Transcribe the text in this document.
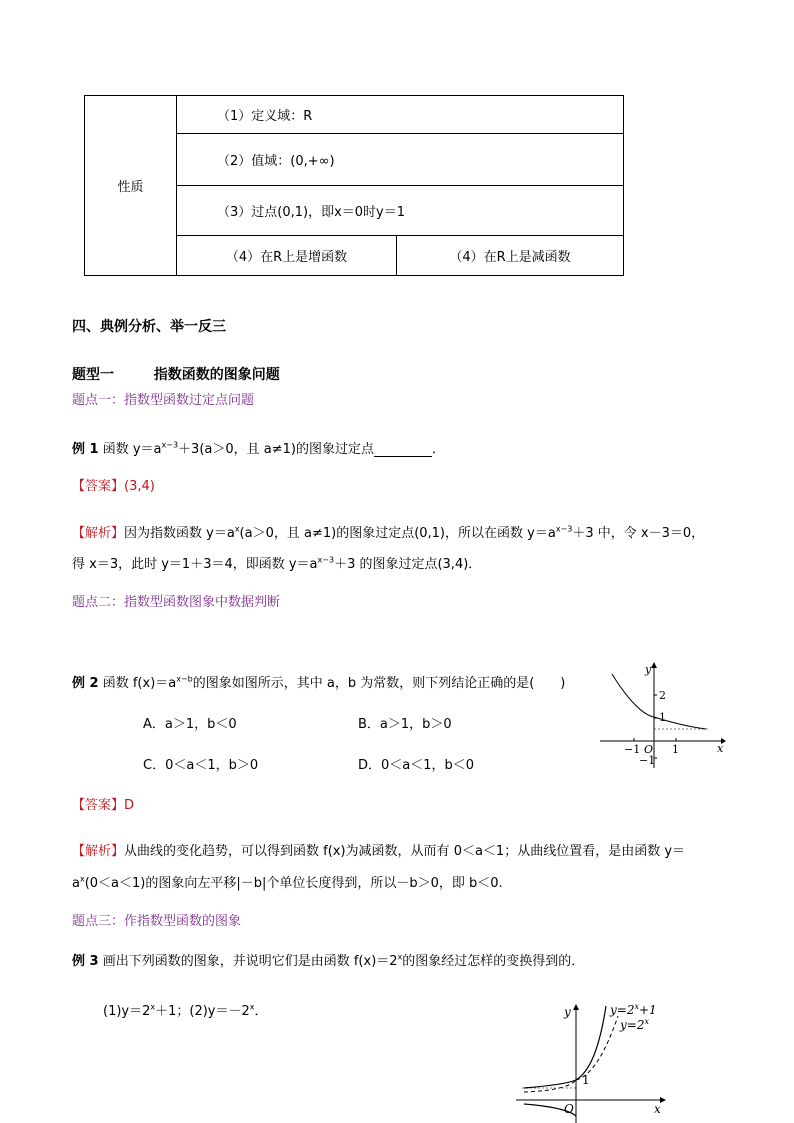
性质	（1）定义域：R	
	（2）值域：(0,+∞)	
	（3）过点(0,1)，即x＝0时y＝1	
	（4）在R上是增函数	（4）在R上是减函数
四、典例分析、举一反三
题型一	指数函数的图象问题
题点一：指数型函数过定点问题
例 1 函数 $y=a^{x-3}+3(a>0$，且 a≠1)的图象过定点	．
【答案】(3,4)
【解析】因为指数函数 $y=a^x(a>0$，且 a≠1)的图象过定点(0,1)，所以在函数 $y=a^{x-3}+3$ 中，令 x－3＝0，
得 x＝3，此时 y＝1＋3＝4，即函数 $y=a^{x-3}+3$ 的图象过定点(3,4)．
题点二：指数型函数图象中数据判断
例 2 函数 $f(x)=a^{x-b}$的图象如图所示，其中 a，b 为常数，则下列结论正确的是(　　)
A．a＞1，b＜0	B．a＞1，b＞0
C．0＜a＜1，b＞0	D．0＜a＜1，b＜0
y
x
2
1
−1 O 1
−1
【答案】D
【解析】从曲线的变化趋势，可以得到函数 f(x)为减函数，从而有 0＜a＜1；从曲线位置看，是由函数 y＝
$a^x(0<a<1)$的图象向左平移|－b|个单位长度得到，所以－b＞0，即 b＜0.
题点三：作指数型函数的图象
例 3 画出下列函数的图象，并说明它们是由函数 $f(x)=2^x$的图象经过怎样的变换得到的．
$(1)y=2^x+1$；$(2)y=-2^x$．	y
x
1
O
$y=2^x+1$
$y=2^x$
